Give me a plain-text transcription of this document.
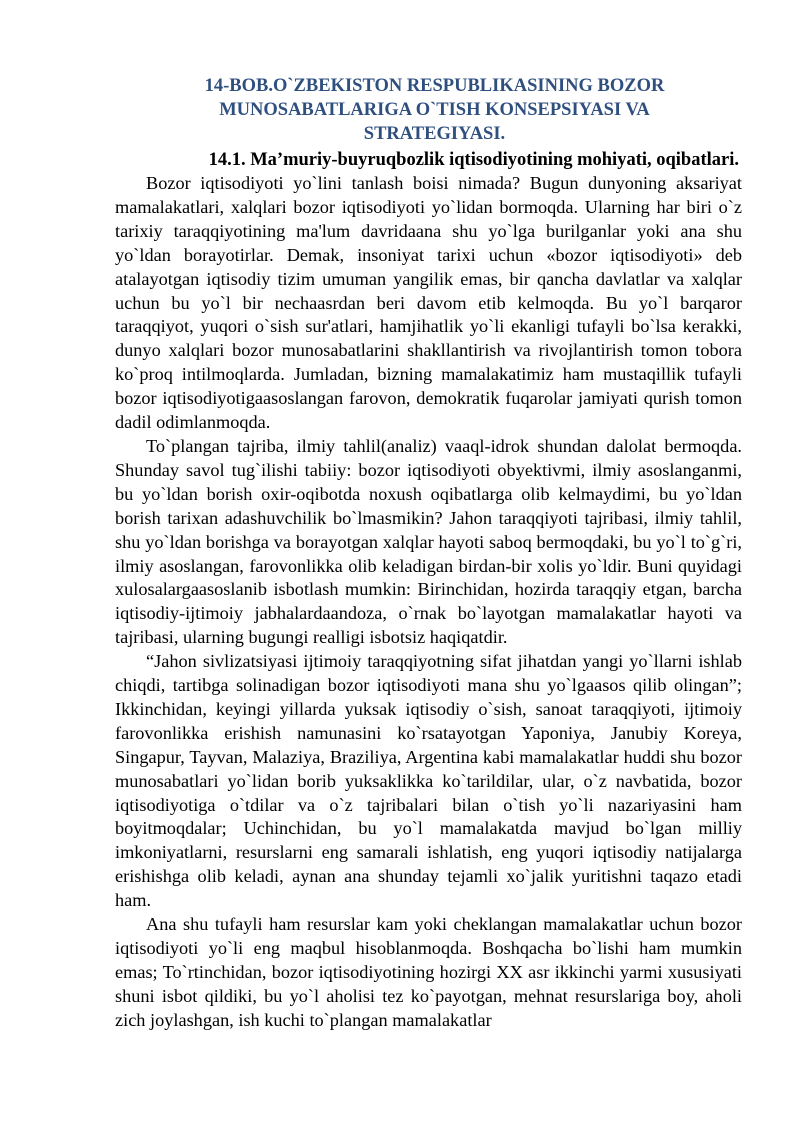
14-BOB.O`ZBEKISTON RESPUBLIKASINING BOZOR MUNOSABATLARIGA O`TISH KONSEPSIYASI VA STRATEGIYASI.
14.1. Ma’muriy-buyruqbozlik iqtisodiyotining mohiyati, oqibatlari.

Bozor iqtisodiyoti yo`lini tanlash boisi nimada? Bugun dunyoning aksariyat mamalakatlari, xalqlari bozor iqtisodiyoti yo`lidan bormoqda. Ularning har biri o`z tarixiy taraqqiyotining ma'lum davridaana shu yo`lga burilganlar yoki ana shu yo`ldan borayotirlar. Demak, insoniyat tarixi uchun «bozor iqtisodiyoti» deb atalayotgan iqtisodiy tizim umuman yangilik emas, bir qancha davlatlar va xalqlar uchun bu yo`l bir nechaasrdan beri davom etib kelmoqda. Bu yo`l barqaror taraqqiyot, yuqori o`sish sur'atlari, hamjihatlik yo`li ekanligi tufayli bo`lsa kerakki, dunyo xalqlari bozor munosabatlarini shakllantirish va rivojlantirish tomon tobora ko`proq intilmoqlarda. Jumladan, bizning mamalakatimiz ham mustaqillik tufayli bozor iqtisodiyotigaasoslangan farovon, demokratik fuqarolar jamiyati qurish tomon dadil odimlanmoqda.

To`plangan tajriba, ilmiy tahlil(analiz) vaaql-idrok shundan dalolat bermoqda. Shunday savol tug`ilishi tabiiy: bozor iqtisodiyoti obyektivmi, ilmiy asoslanganmi, bu yo`ldan borish oxir-oqibotda noxush oqibatlarga olib kelmaydimi, bu yo`ldan borish tarixan adashuvchilik bo`lmasmikin? Jahon taraqqiyoti tajribasi, ilmiy tahlil, shu yo`ldan borishga va borayotgan xalqlar hayoti saboq bermoqdaki, bu yo`l to`g`ri, ilmiy asoslangan, farovonlikka olib keladigan birdan-bir xolis yo`ldir. Buni quyidagi xulosalargaasoslanib isbotlash mumkin: Birinchidan, hozirda taraqqiy etgan, barcha iqtisodiy-ijtimoiy jabhalardaandoza, o`rnak bo`layotgan mamalakatlar hayoti va tajribasi, ularning bugungi realligi isbotsiz haqiqatdir.

“Jahon sivlizatsiyasi ijtimoiy taraqqiyotning sifat jihatdan yangi yo`llarni ishlab chiqdi, tartibga solinadigan bozor iqtisodiyoti mana shu yo`lgaasos qilib olingan”; Ikkinchidan, keyingi yillarda yuksak iqtisodiy o`sish, sanoat taraqqiyoti, ijtimoiy farovonlikka erishish namunasini ko`rsatayotgan Yaponiya, Janubiy Koreya, Singapur, Tayvan, Malaziya, Braziliya, Argentina kabi mamalakatlar huddi shu bozor munosabatlari yo`lidan borib yuksaklikka ko`tarildilar, ular, o`z navbatida, bozor iqtisodiyotiga o`tdilar va o`z tajribalari bilan o`tish yo`li nazariyasini ham boyitmoqdalar; Uchinchidan, bu yo`l mamalakatda mavjud bo`lgan milliy imkoniyatlarni, resurslarni eng samarali ishlatish, eng yuqori iqtisodiy natijalarga erishishga olib keladi, aynan ana shunday tejamli xo`jalik yuritishni taqazo etadi ham.

Ana shu tufayli ham resurslar kam yoki cheklangan mamalakatlar uchun bozor iqtisodiyoti yo`li eng maqbul hisoblanmoqda. Boshqacha bo`lishi ham mumkin emas; To`rtinchidan, bozor iqtisodiyotining hozirgi XX asr ikkinchi yarmi xususiyati shuni isbot qildiki, bu yo`l aholisi tez ko`payotgan, mehnat resurslariga boy, aholi zich joylashgan, ish kuchi to`plangan mamalakatlar
